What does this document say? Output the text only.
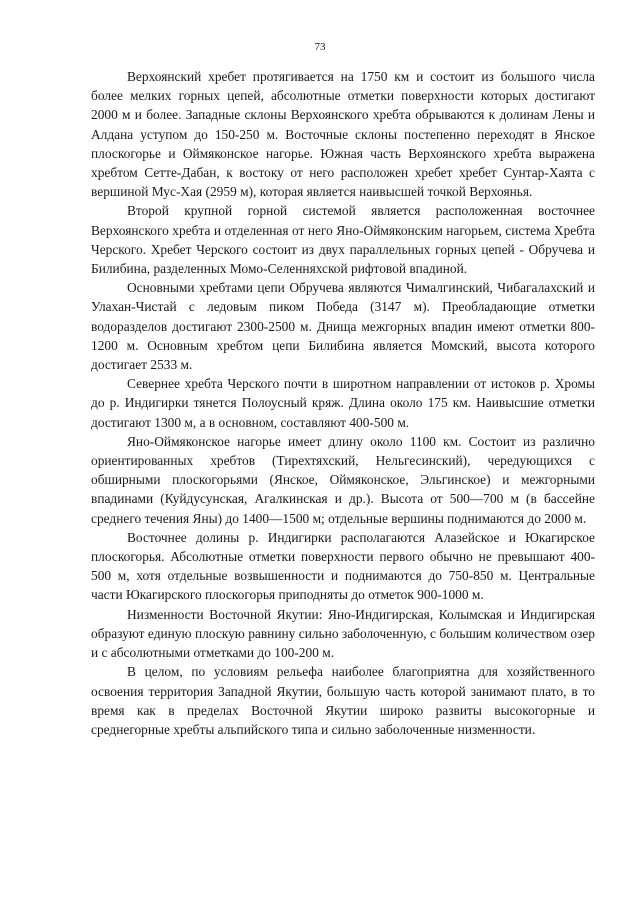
73

Верхоянский хребет протягивается на 1750 км и состоит из большого числа более мелких горных цепей, абсолютные отметки поверхности которых достигают 2000 м и более. Западные склоны Верхоянского хребта обрываются к долинам Лены и Алдана уступом до 150-250 м. Восточные склоны постепенно переходят в Янское плоскогорье и Оймяконское нагорье. Южная часть Верхоянского хребта выражена хребтом Сетте-Дабан, к востоку от него расположен хребет хребет Сунтар-Хаята с вершиной Мус-Хая (2959 м), которая является наивысшей точкой Верхоянья.

Второй крупной горной системой является расположенная восточнее Верхоянского хребта и отделенная от него Яно-Оймяконским нагорьем, система Хребта Черского. Хребет Черского состоит из двух параллельных горных цепей - Обручева и Билибина, разделенных Момо-Селенняхской рифтовой впадиной.

Основными хребтами цепи Обручева являются Чималгинский, Чибагалахский и Улахан-Чистай с ледовым пиком Победа (3147 м). Преобладающие отметки водоразделов достигают 2300-2500 м. Днища межгорных впадин имеют отметки 800-1200 м. Основным хребтом цепи Билибина является Момский, высота которого достигает 2533 м.

Севернее хребта Черского почти в широтном направлении от истоков р. Хромы до р. Индигирки тянется Полоусный кряж. Длина около 175 км. Наивысшие отметки достигают 1300 м, а в основном, составляют 400-500 м.

Яно-Оймяконское нагорье имеет длину около 1100 км. Состоит из различно ориентированных хребтов (Тирехтяхский, Нельгесинский), чередующихся с обширными плоскогорьями (Янское, Оймяконское, Эльгинское) и межгорными впадинами (Куйдусунская, Агалкинская и др.). Высота от 500—700 м (в бассейне среднего течения Яны) до 1400—1500 м; отдельные вершины поднимаются до 2000 м.

Восточнее долины р. Индигирки располагаются Алазейское и Юкагирское плоскогорья. Абсолютные отметки поверхности первого обычно не превышают 400-500 м, хотя отдельные возвышенности и поднимаются до 750-850 м. Центральные части Юкагирского плоскогорья приподняты до отметок 900-1000 м.

Низменности Восточной Якутии: Яно-Индигирская, Колымская и Индигирская образуют единую плоскую равнину сильно заболоченную, с большим количеством озер и с абсолютными отметками до 100-200 м.

В целом, по условиям рельефа наиболее благоприятна для хозяйственного освоения территория Западной Якутии, большую часть которой занимают плато, в то время как в пределах Восточной Якутии широко развиты высокогорные и среднегорные хребты альпийского типа и сильно заболоченные низменности.
